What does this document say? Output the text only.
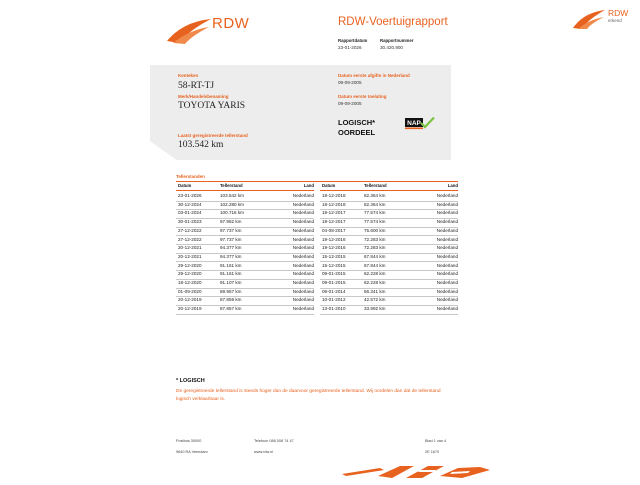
RDW
RDW
erkend
RDW-Voertuigrapport
Rapportdatum
23-01-2026
Rapportnummer
30.420.900
Kenteken
58-RT-TJ
Merk/Handelsbenaming
TOYOTA YARIS
Laatst geregistreerde tellerstand
103.542 km
Datum eerste afgifte in Nederland
09-09-2005
Datum eerste toelating
09-09-2005
LOGISCH*
OORDEEL
NAP
Tellerstanden
Datum	Tellerstand	Land
23-01-2026	103.542 km	Nederland
30-12-2024	102.280 km	Nederland
03-01-2024	100.716 km	Nederland
30-01-2023	97.982 km	Nederland
27-12-2022	97.737 km	Nederland
27-12-2022	97.737 km	Nederland
20-12-2021	94.377 km	Nederland
20-12-2021	94.377 km	Nederland
29-12-2020	91.161 km	Nederland
29-12-2020	91.161 km	Nederland
18-12-2020	91.107 km	Nederland
01-09-2020	89.957 km	Nederland
20-12-2019	87.859 km	Nederland
20-12-2019	87.857 km	Nederland
Datum	Tellerstand	Land
18-12-2018	82.364 km	Nederland
18-12-2018	82.364 km	Nederland
19-12-2017	77.574 km	Nederland
19-12-2017	77.574 km	Nederland
04-08-2017	75.600 km	Nederland
19-12-2016	72.283 km	Nederland
19-12-2016	72.283 km	Nederland
15-12-2015	67.844 km	Nederland
15-12-2015	67.844 km	Nederland
09-01-2015	62.228 km	Nederland
09-01-2015	62.228 km	Nederland
08-01-2014	56.341 km	Nederland
10-01-2012	42.572 km	Nederland
13-01-2010	33.992 km	Nederland
* LOGISCH
De geregistreerde tellerstand is steeds hoger dan de daarvoor geregistreerde tellerstand. Wij oordelen dan dat de tellerstand logisch verklaarbaar is.
Postbus 30000
9640 RA Veendam
Telefoon 088 008 74 47
www.rdw.nl
Blad 1 van 4
2E 1670
